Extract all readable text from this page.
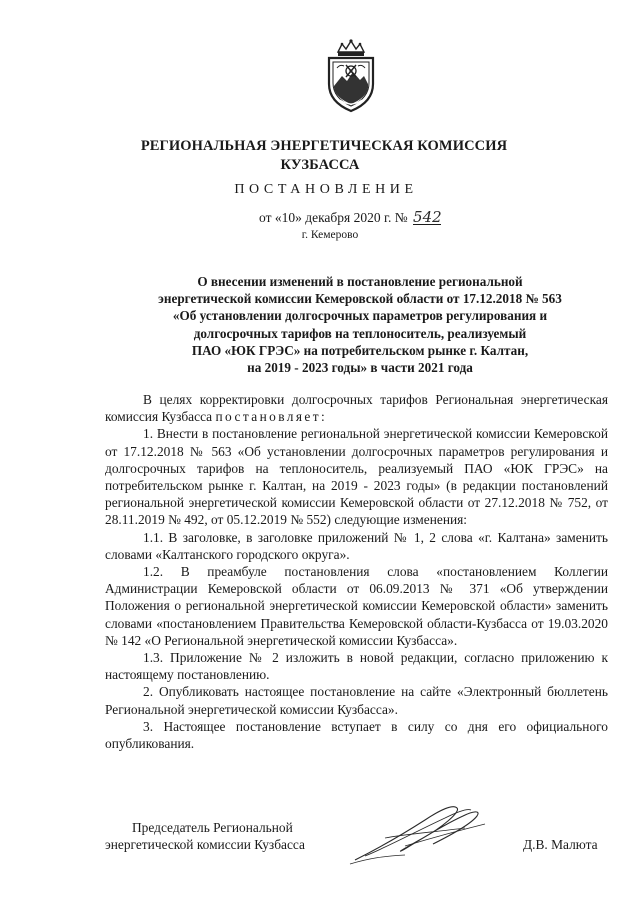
РЕГИОНАЛЬНАЯ ЭНЕРГЕТИЧЕСКАЯ КОМИССИЯ
КУЗБАССА
ПОСТАНОВЛЕНИЕ
от «10» декабря 2020 г. № 542
г. Кемерово
О внесении изменений в постановление региональной
энергетической комиссии Кемеровской области от 17.12.2018 № 563
«Об установлении долгосрочных параметров регулирования и
долгосрочных тарифов на теплоноситель, реализуемый
ПАО «ЮК ГРЭС» на потребительском рынке г. Калтан,
на 2019 - 2023 годы» в части 2021 года

В целях корректировки долгосрочных тарифов Региональная энергетическая комиссия Кузбасса постановляет:

1. Внести в постановление региональной энергетической комиссии Кемеровской от 17.12.2018 № 563 «Об установлении долгосрочных параметров регулирования и долгосрочных тарифов на теплоноситель, реализуемый ПАО «ЮК ГРЭС» на потребительском рынке г. Калтан, на 2019 - 2023 годы» (в редакции постановлений региональной энергетической комиссии Кемеровской области от 27.12.2018 № 752, от 28.11.2019 № 492, от 05.12.2019 № 552) следующие изменения:

1.1. В заголовке, в заголовке приложений № 1, 2 слова «г. Калтана» заменить словами «Калтанского городского округа».

1.2. В преамбуле постановления слова «постановлением Коллегии Администрации Кемеровской области от 06.09.2013 № 371 «Об утверждении Положения о региональной энергетической комиссии Кемеровской области» заменить словами «постановлением Правительства Кемеровской области-Кузбасса от 19.03.2020 № 142 «О Региональной энергетической комиссии Кузбасса».

1.3. Приложение № 2 изложить в новой редакции, согласно приложению к настоящему постановлению.

2. Опубликовать настоящее постановление на сайте «Электронный бюллетень Региональной энергетической комиссии Кузбасса».

3. Настоящее постановление вступает в силу со дня его официального опубликования.

Председатель Региональной
энергетической комиссии Кузбасса	Д.В. Малюта
